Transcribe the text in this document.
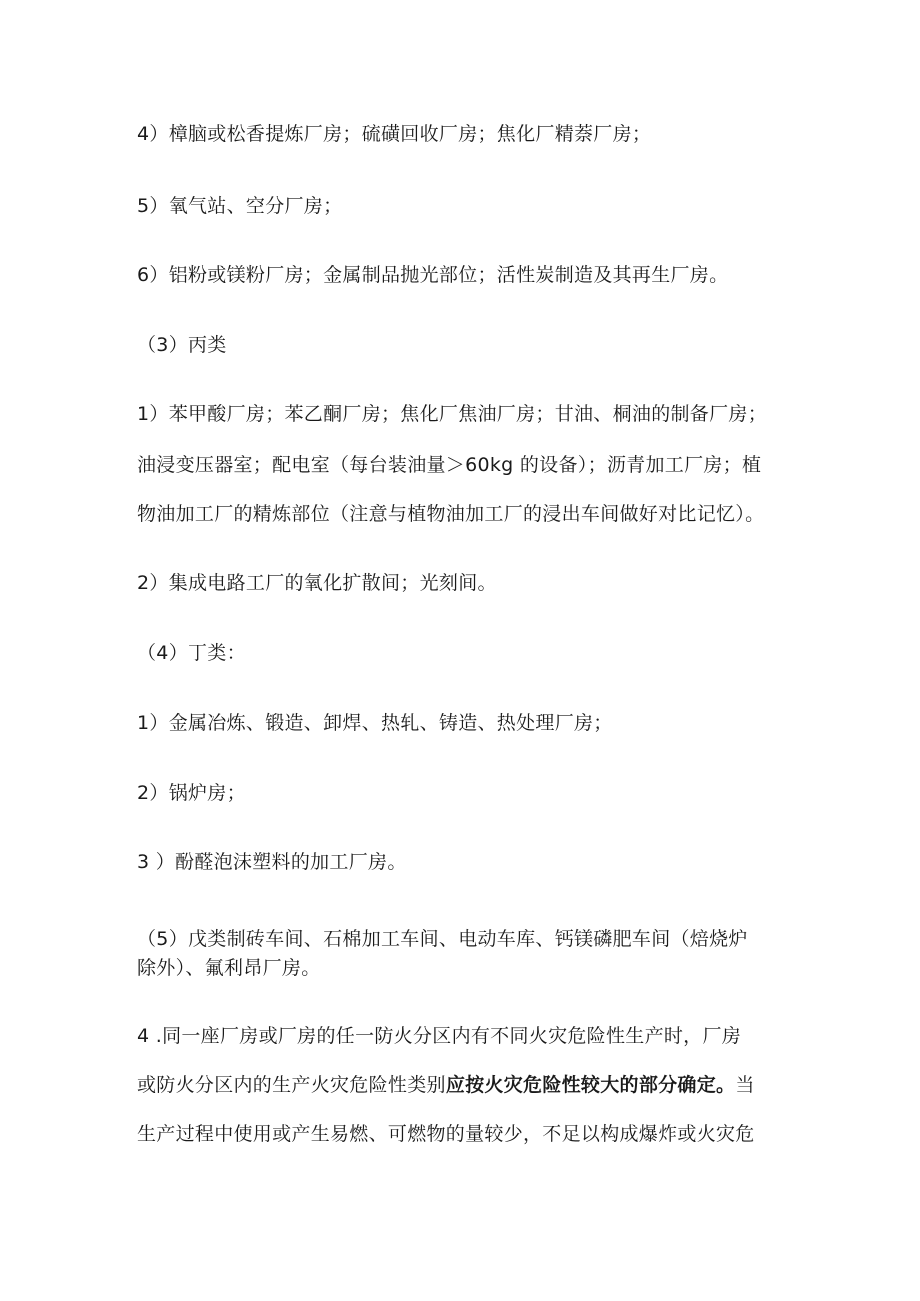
4）樟脑或松香提炼厂房；硫磺回收厂房；焦化厂精萘厂房；
5）氧气站、空分厂房；
6）铝粉或镁粉厂房；金属制品抛光部位；活性炭制造及其再生厂房。
（3）丙类
1）苯甲酸厂房；苯乙酮厂房；焦化厂焦油厂房；甘油、桐油的制备厂房；
油浸变压器室；配电室（每台装油量＞60kg 的设备）；沥青加工厂房；植
物油加工厂的精炼部位（注意与植物油加工厂的浸出车间做好对比记忆）。
2）集成电路工厂的氧化扩散间；光刻间。
（4）丁类：
1）金属冶炼、锻造、卸焊、热轧、铸造、热处理厂房；
2）锅炉房；
3 ）酚醛泡沫塑料的加工厂房。
（5）戊类制砖车间、石棉加工车间、电动车库、钙镁磷肥车间（焙烧炉
除外）、氟利昂厂房。
4 .同一座厂房或厂房的任一防火分区内有不同火灾危险性生产时，厂房
或防火分区内的生产火灾危险性类别应按火灾危险性较大的部分确定。当
生产过程中使用或产生易燃、可燃物的量较少，不足以构成爆炸或火灾危
